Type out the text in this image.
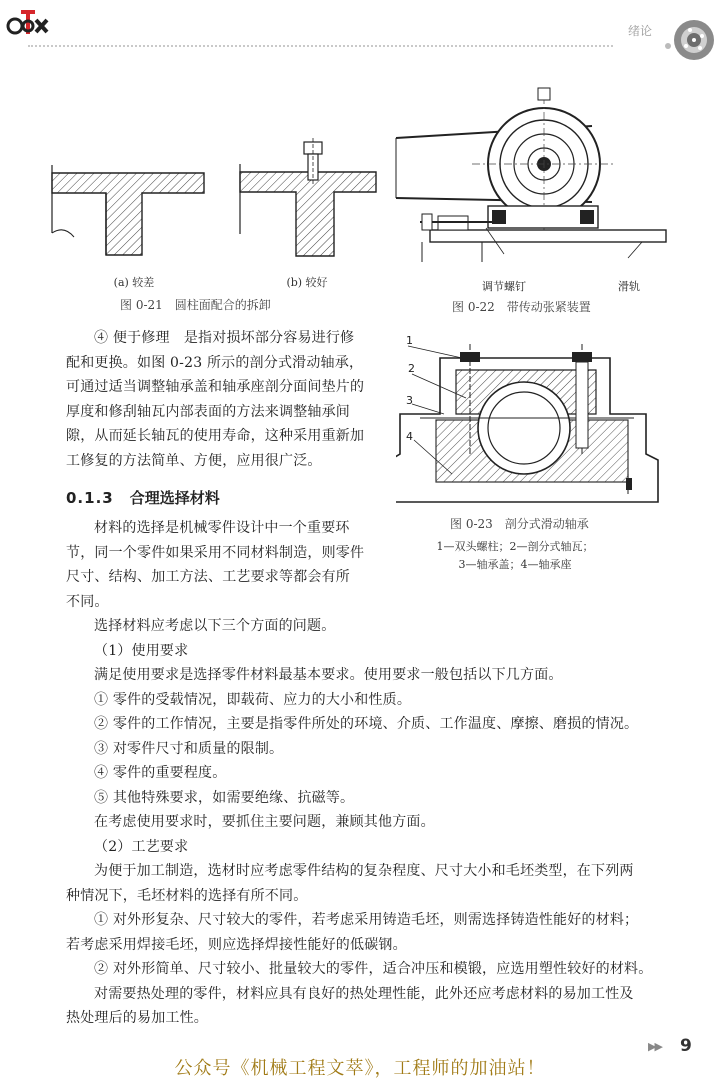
绪论
(a) 较差	(b) 较好
图 0-21　圆柱面配合的拆卸
调节螺钉	滑轨
图 0-22　带传动张紧装置
1
2
3
4
图 0-23　剖分式滑动轴承
1—双头螺柱；2—剖分式轴瓦；
3—轴承盖；4—轴承座

④ 便于修理　是指对损坏部分容易进行修

配和更换。如图 0-23 所示的剖分式滑动轴承，

可通过适当调整轴承盖和轴承座剖分面间垫片的

厚度和修刮轴瓦内部表面的方法来调整轴承间

隙，从而延长轴瓦的使用寿命，这种采用重新加

工修复的方法简单、方便，应用很广泛。

0.1.3 合理选择材料

材料的选择是机械零件设计中一个重要环

节，同一个零件如果采用不同材料制造，则零件

尺寸、结构、加工方法、工艺要求等都会有所

不同。

选择材料应考虑以下三个方面的问题。

（1）使用要求

满足使用要求是选择零件材料最基本要求。使用要求一般包括以下几方面。

① 零件的受载情况，即载荷、应力的大小和性质。

② 零件的工作情况，主要是指零件所处的环境、介质、工作温度、摩擦、磨损的情况。

③ 对零件尺寸和质量的限制。

④ 零件的重要程度。

⑤ 其他特殊要求，如需要绝缘、抗磁等。

在考虑使用要求时，要抓住主要问题，兼顾其他方面。

（2）工艺要求

为便于加工制造，选材时应考虑零件结构的复杂程度、尺寸大小和毛坯类型，在下列两

种情况下，毛坯材料的选择有所不同。

① 对外形复杂、尺寸较大的零件，若考虑采用铸造毛坯，则需选择铸造性能好的材料；

若考虑采用焊接毛坯，则应选择焊接性能好的低碳钢。

② 对外形简单、尺寸较小、批量较大的零件，适合冲压和模锻，应选用塑性较好的材料。

对需要热处理的零件，材料应具有良好的热处理性能，此外还应考虑材料的易加工性及

热处理后的易加工性。

▶▶ 9
公众号《机械工程文萃》，工程师的加油站！
